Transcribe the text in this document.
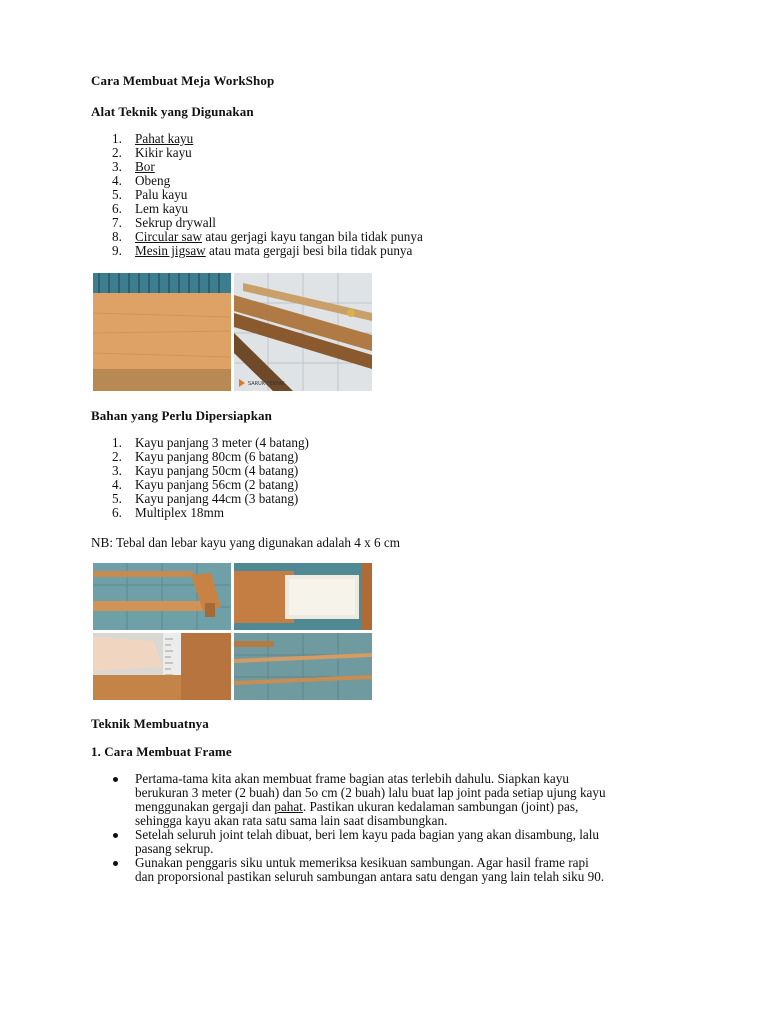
Cara Membuat Meja WorkShop
Alat Teknik yang Digunakan
1. Pahat kayu
2. Kikir kayu
3. Bor
4. Obeng
5. Palu kayu
6. Lem kayu
7. Sekrup drywall
8. Circular saw atau gerjagi kayu tangan bila tidak punya
9. Mesin jigsaw atau mata gergaji besi bila tidak punya
SARUK TEKNIK
Bahan yang Perlu Dipersiapkan
1. Kayu panjang 3 meter (4 batang)
2. Kayu panjang 80cm (6 batang)
3. Kayu panjang 50cm (4 batang)
4. Kayu panjang 56cm (2 batang)
5. Kayu panjang 44cm (3 batang)
6. Multiplex 18mm
NB: Tebal dan lebar kayu yang digunakan adalah 4 x 6 cm
Teknik Membuatnya
1. Cara Membuat Frame
Pertama-tama kita akan membuat frame bagian atas terlebih dahulu. Siapkan kayu
berukuran 3 meter (2 buah) dan 5o cm (2 buah) lalu buat lap joint pada setiap ujung kayu
menggunakan gergaji dan pahat. Pastikan ukuran kedalaman sambungan (joint) pas,
sehingga kayu akan rata satu sama lain saat disambungkan.
Setelah seluruh joint telah dibuat, beri lem kayu pada bagian yang akan disambung, lalu
pasang sekrup.
Gunakan penggaris siku untuk memeriksa kesikuan sambungan. Agar hasil frame rapi
dan proporsional pastikan seluruh sambungan antara satu dengan yang lain telah siku 90.
